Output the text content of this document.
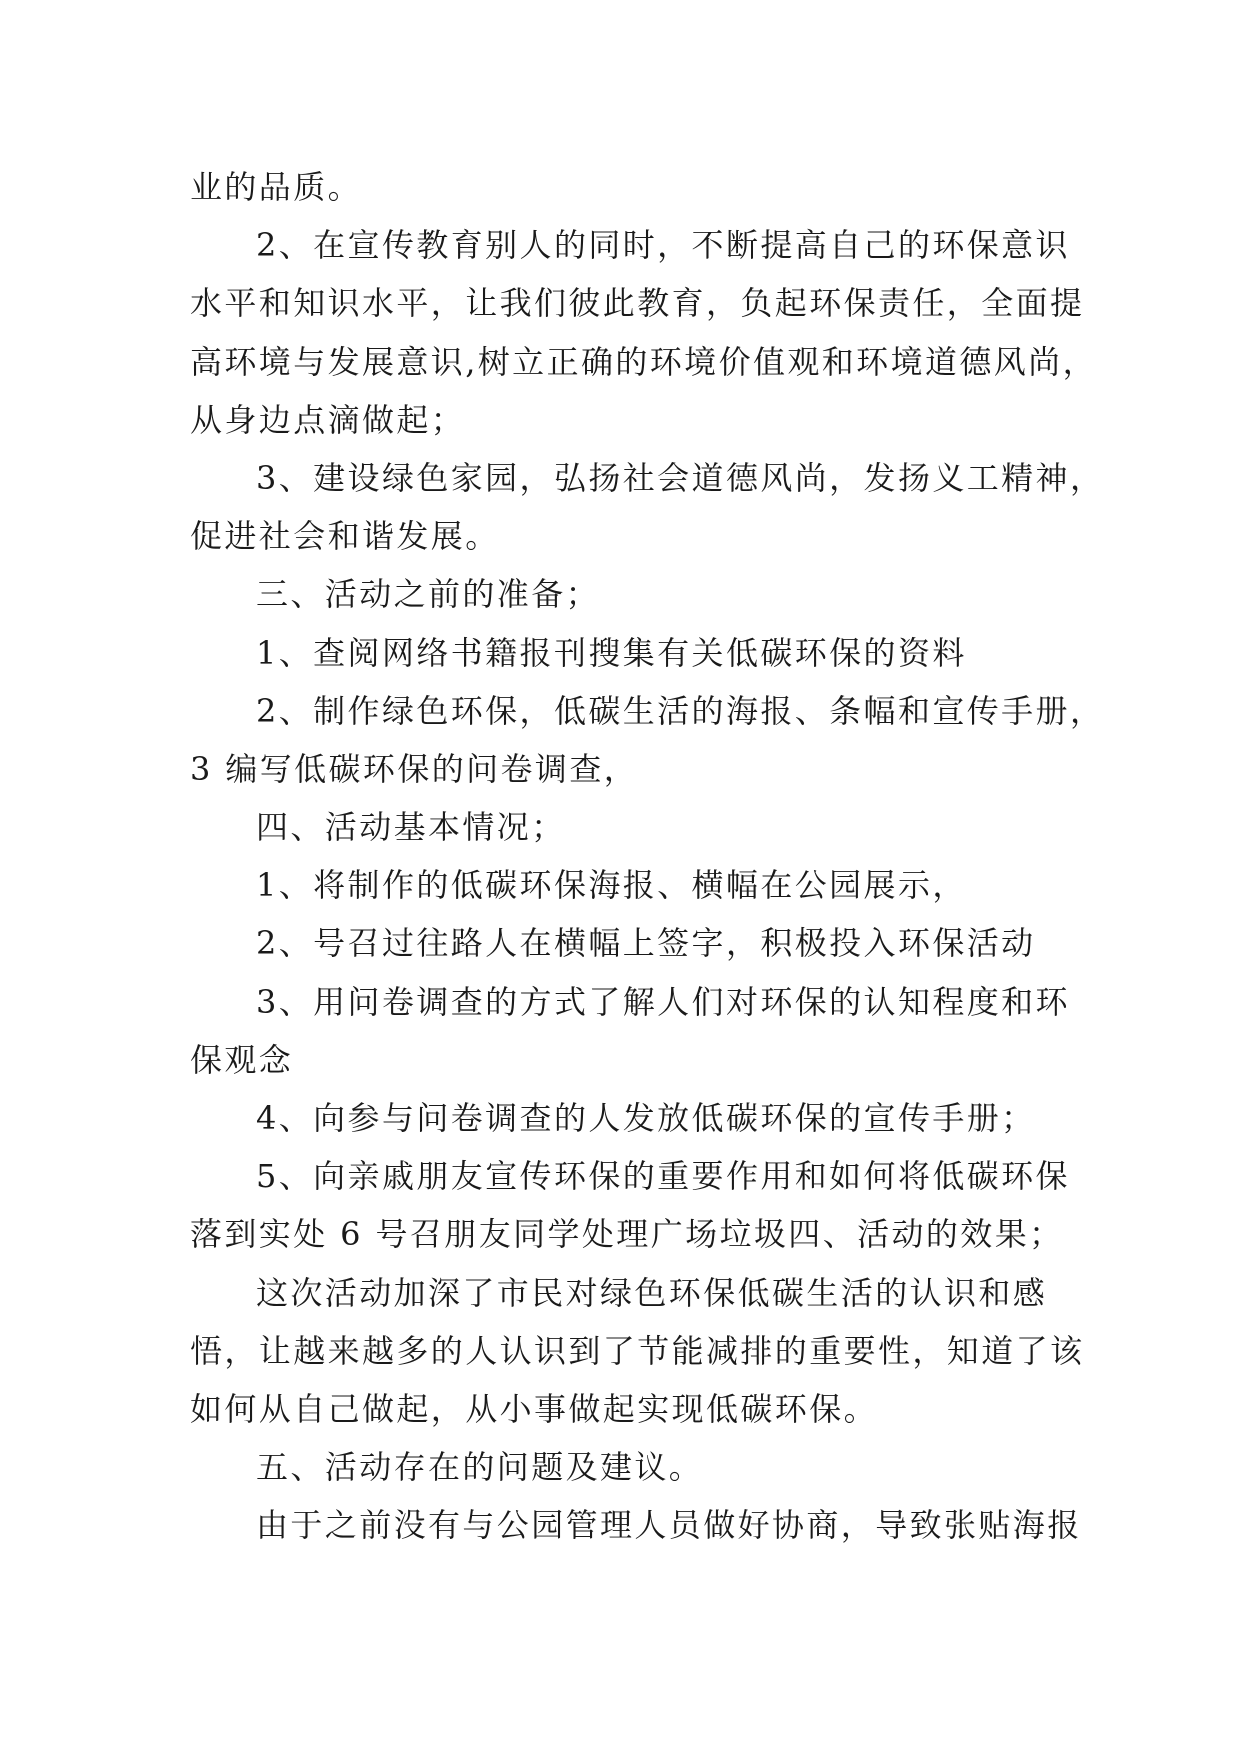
业的品质。
2、在宣传教育别人的同时，不断提高自己的环保意识
水平和知识水平，让我们彼此教育，负起环保责任，全面提
高环境与发展意识,树立正确的环境价值观和环境道德风尚，
从身边点滴做起；
3、建设绿色家园，弘扬社会道德风尚，发扬义工精神，
促进社会和谐发展。
三、活动之前的准备；
1、查阅网络书籍报刊搜集有关低碳环保的资料
2、制作绿色环保，低碳生活的海报、条幅和宣传手册，
3 编写低碳环保的问卷调查，
四、活动基本情况；
1、将制作的低碳环保海报、横幅在公园展示，
2、号召过往路人在横幅上签字，积极投入环保活动
3、用问卷调查的方式了解人们对环保的认知程度和环
保观念
4、向参与问卷调查的人发放低碳环保的宣传手册；
5、向亲戚朋友宣传环保的重要作用和如何将低碳环保
落到实处 6 号召朋友同学处理广场垃圾四、活动的效果；
这次活动加深了市民对绿色环保低碳生活的认识和感
悟，让越来越多的人认识到了节能减排的重要性，知道了该
如何从自己做起，从小事做起实现低碳环保。
五、活动存在的问题及建议。
由于之前没有与公园管理人员做好协商，导致张贴海报
